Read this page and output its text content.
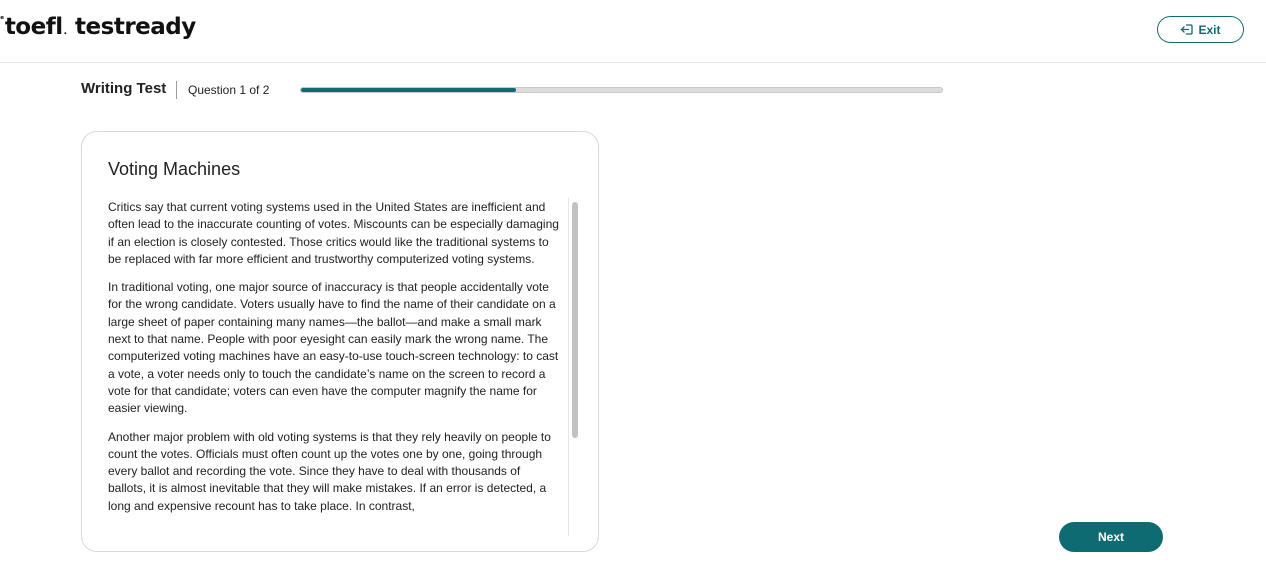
$^ᵉ$toefl. testready	Exit
Writing Test Question 1 of 2
Voting Machines

Critics say that current voting systems used in the United States are inefficient and often lead to the inaccurate counting of votes. Miscounts can be especially damaging if an election is closely contested. Those critics would like the traditional systems to be replaced with far more efficient and trustworthy computerized voting systems.

In traditional voting, one major source of inaccuracy is that people accidentally vote for the wrong candidate. Voters usually have to find the name of their candidate on a large sheet of paper containing many names—the ballot—and make a small mark next to that name. People with poor eyesight can easily mark the wrong name. The computerized voting machines have an easy-to-use touch-screen technology: to cast a vote, a voter needs only to touch the candidate’s name on the screen to record a vote for that candidate; voters can even have the computer magnify the name for easier viewing.

Another major problem with old voting systems is that they rely heavily on people to count the votes. Officials must often count up the votes one by one, going through every ballot and recording the vote. Since they have to deal with thousands of ballots, it is almost inevitable that they will make mistakes. If an error is detected, a long and expensive recount has to take place. In contrast,

Next
